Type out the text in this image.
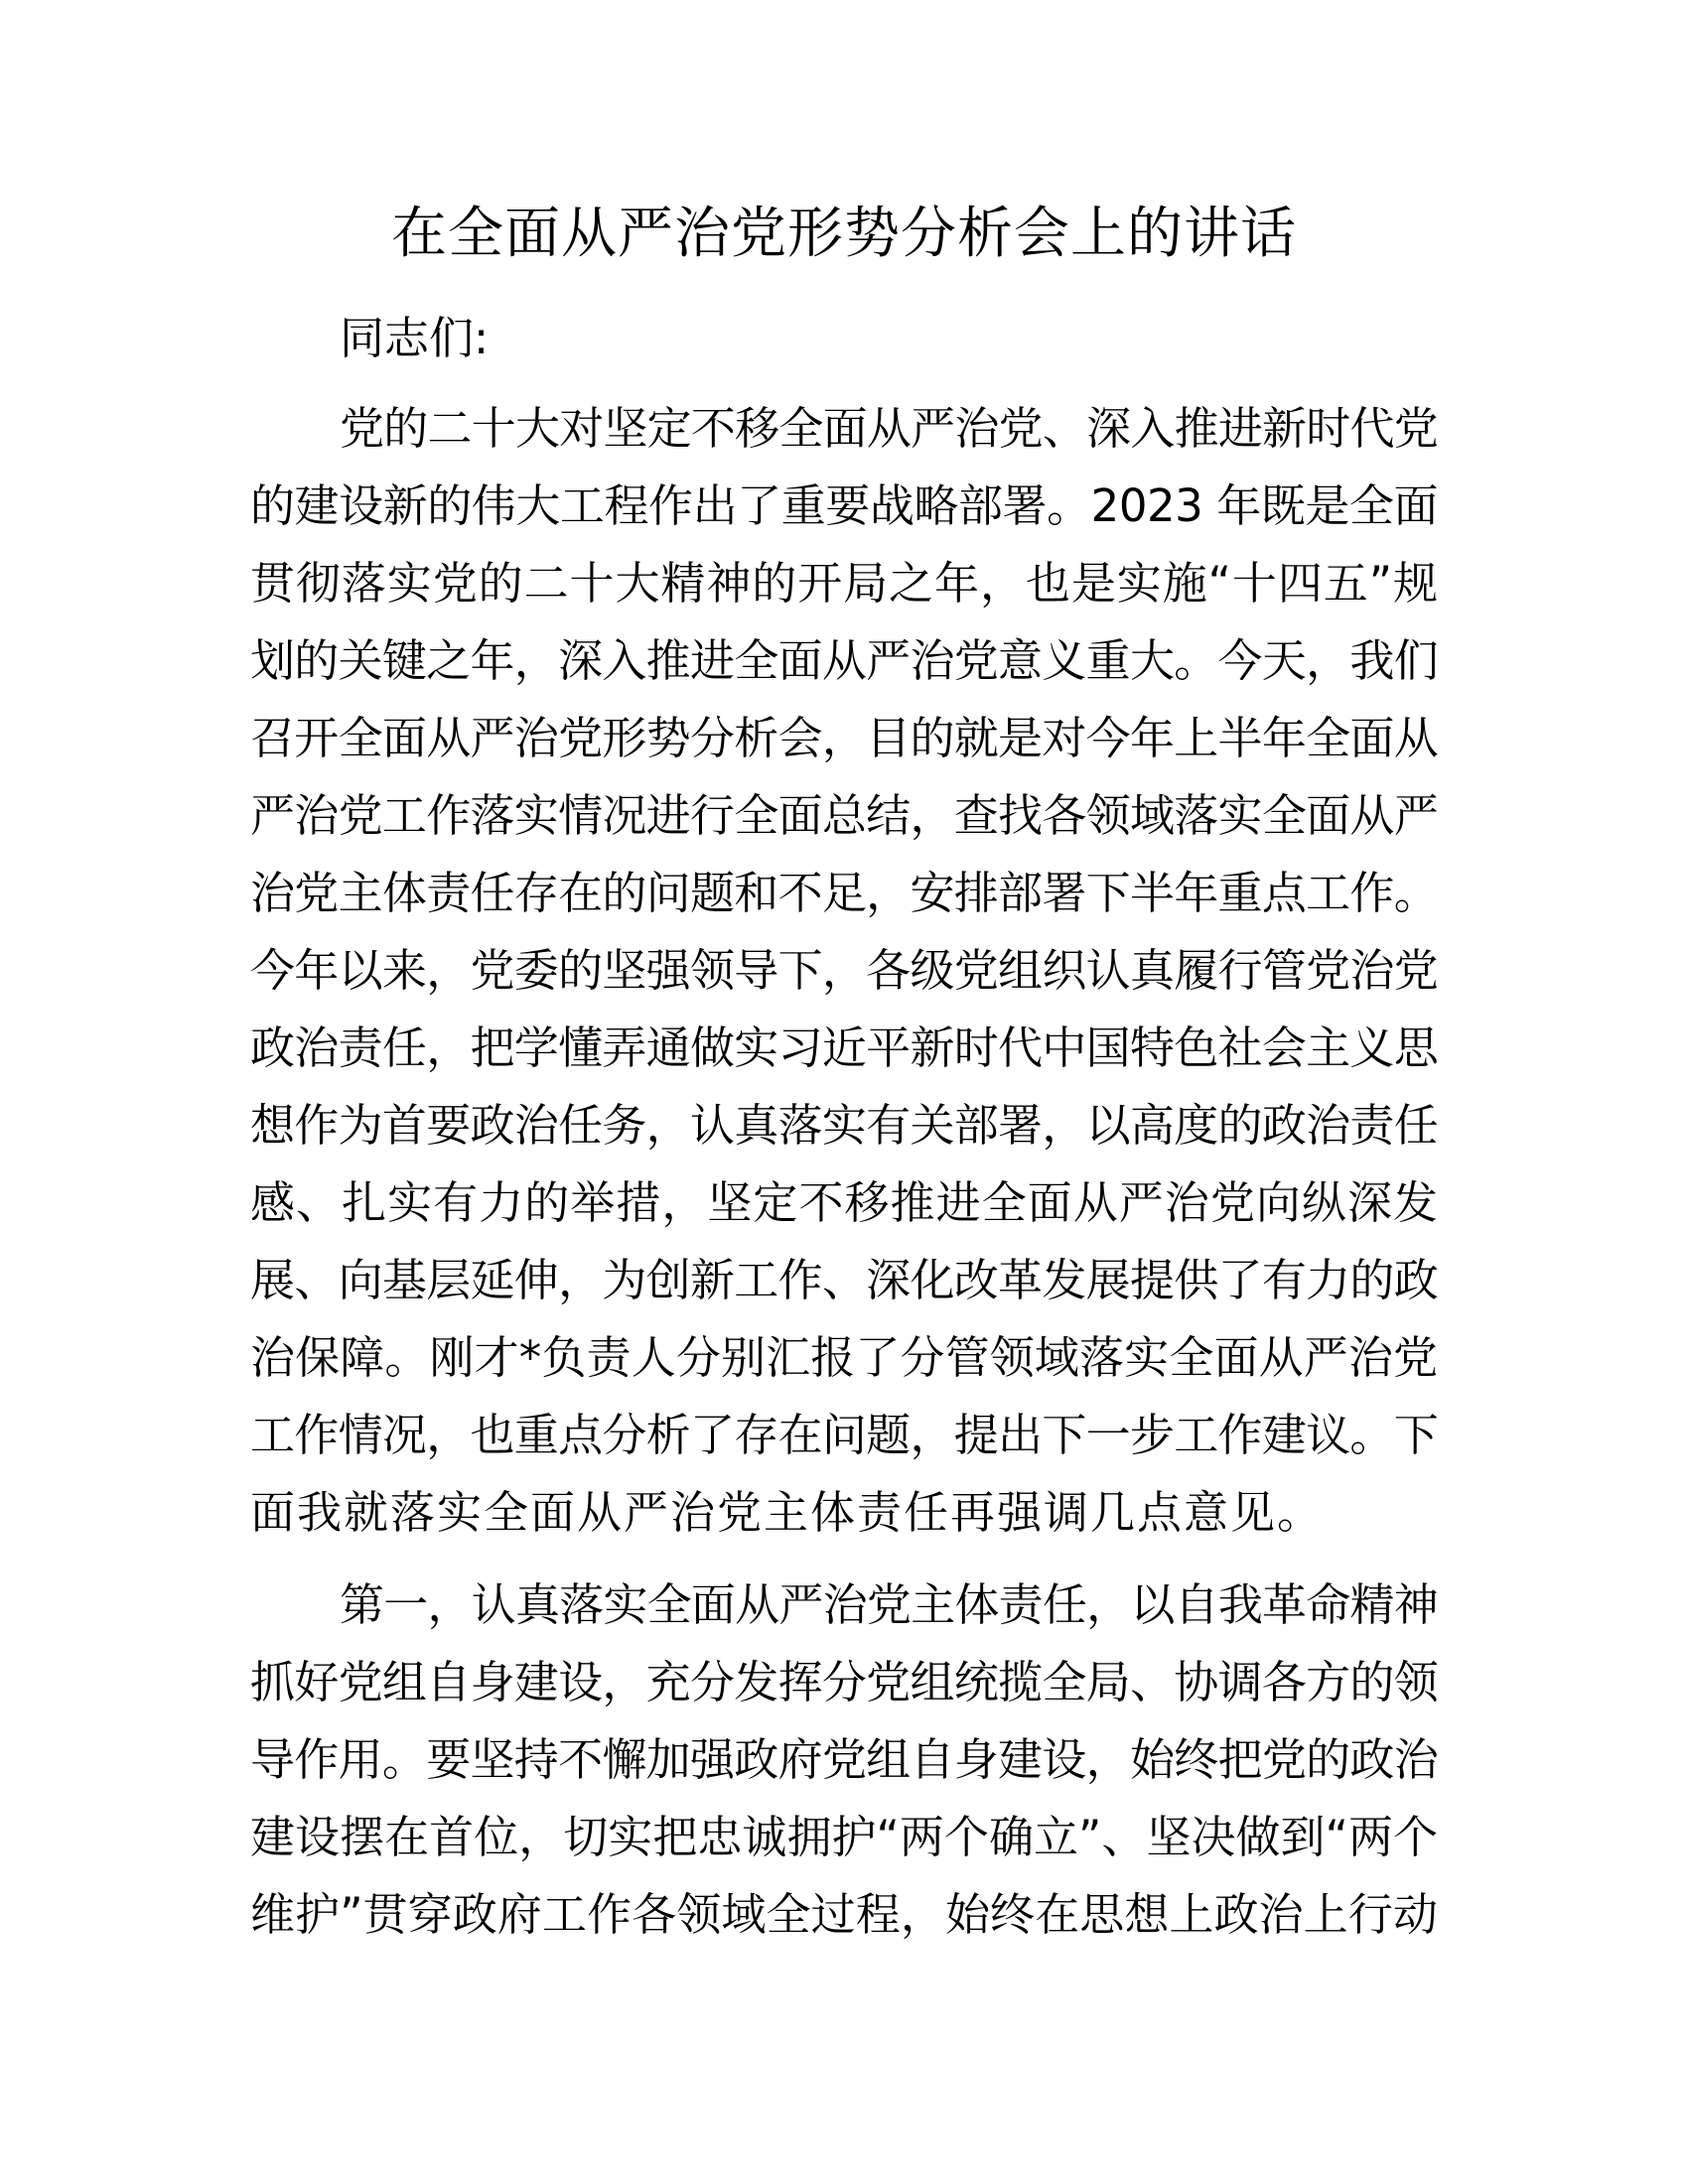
在全面从严治党形势分析会上的讲话
同志们:
党的二十大对坚定不移全面从严治党、深入推进新时代党
的建设新的伟大工程作出了重要战略部署。2023 年既是全面
贯彻落实党的二十大精神的开局之年，也是实施“十四五”规
划的关键之年，深入推进全面从严治党意义重大。今天，我们
召开全面从严治党形势分析会，目的就是对今年上半年全面从
严治党工作落实情况进行全面总结，查找各领域落实全面从严
治党主体责任存在的问题和不足，安排部署下半年重点工作。
今年以来，党委的坚强领导下，各级党组织认真履行管党治党
政治责任，把学懂弄通做实习近平新时代中国特色社会主义思
想作为首要政治任务，认真落实有关部署，以高度的政治责任
感、扎实有力的举措，坚定不移推进全面从严治党向纵深发
展、向基层延伸，为创新工作、深化改革发展提供了有力的政
治保障。刚才*负责人分别汇报了分管领域落实全面从严治党
工作情况，也重点分析了存在问题，提出下一步工作建议。下
面我就落实全面从严治党主体责任再强调几点意见。
第一，认真落实全面从严治党主体责任，以自我革命精神
抓好党组自身建设，充分发挥分党组统揽全局、协调各方的领
导作用。要坚持不懈加强政府党组自身建设，始终把党的政治
建设摆在首位，切实把忠诚拥护“两个确立”、坚决做到“两个
维护”贯穿政府工作各领域全过程，始终在思想上政治上行动
